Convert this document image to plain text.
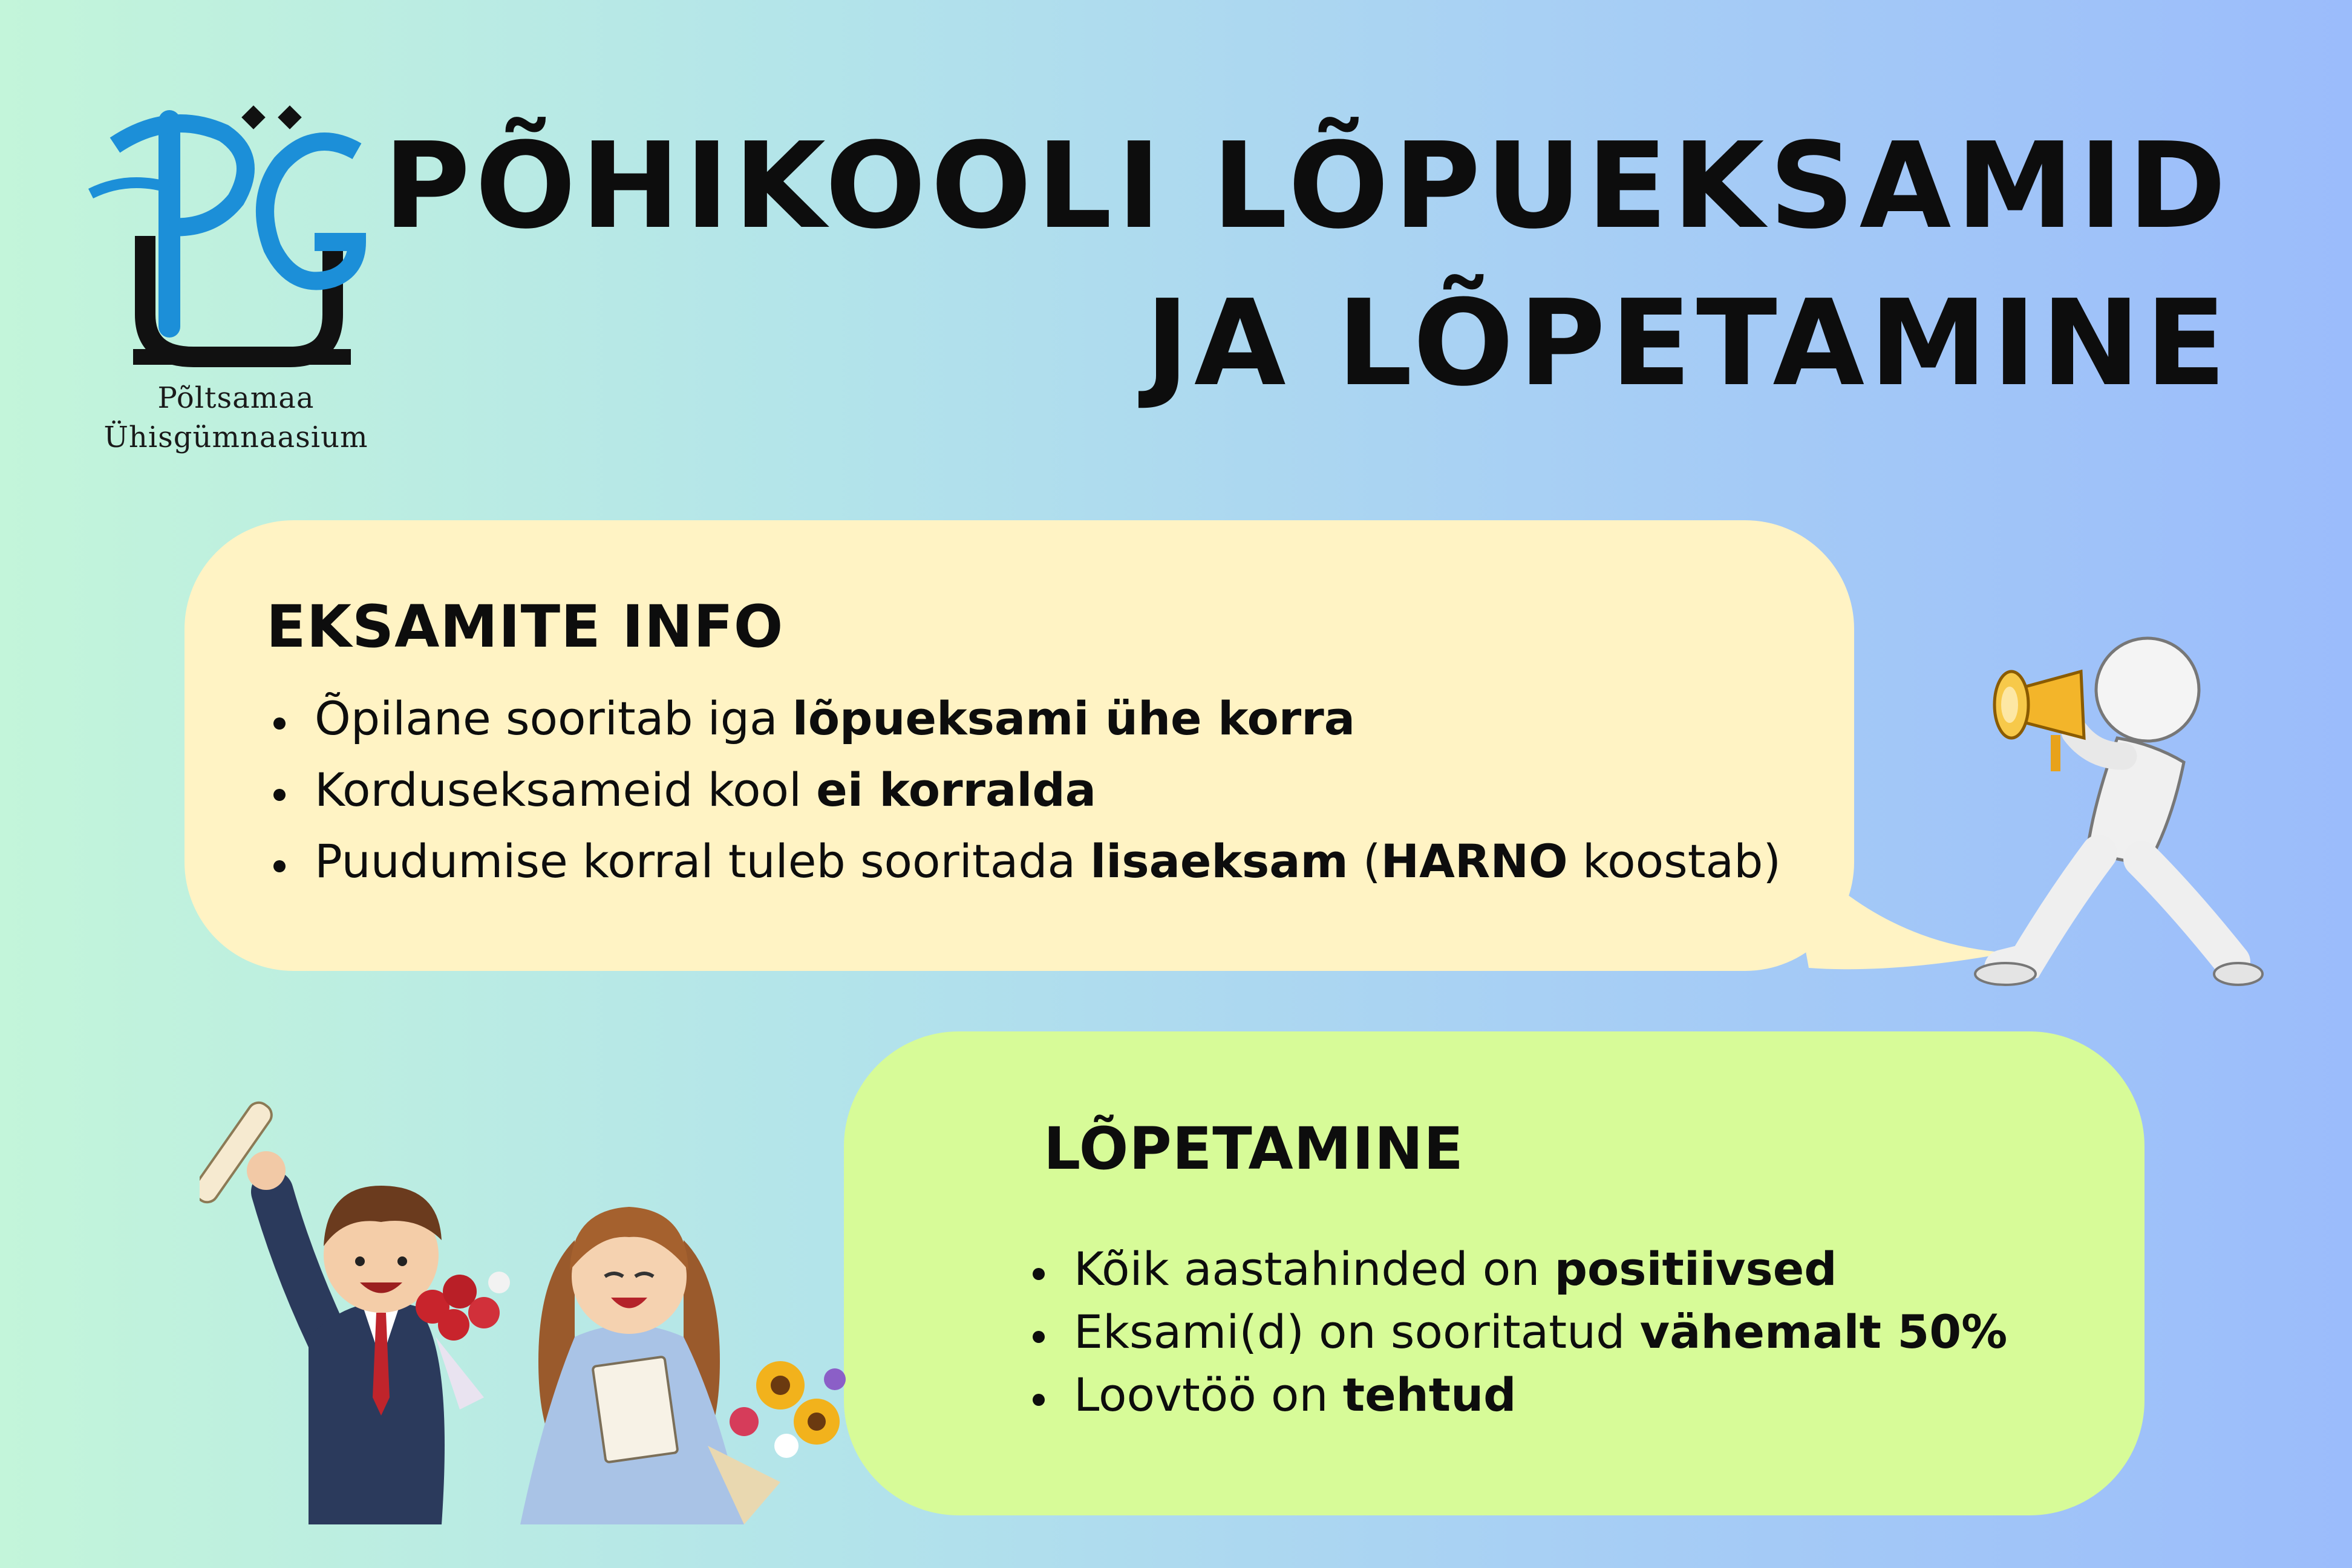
Põltsamaa
Ühisgümnaasium
PÕHIKOOLI LÕPUEKSAMID
JA LÕPETAMINE
EKSAMITE INFO
Õpilane sooritab iga lõpueksami ühe korra
Korduseksameid kool ei korralda
Puudumise korral tuleb sooritada lisaeksam (HARNO koostab)
LÕPETAMINE
Kõik aastahinded on positiivsed
Eksami(d) on sooritatud vähemalt 50%
Loovtöö on tehtud
